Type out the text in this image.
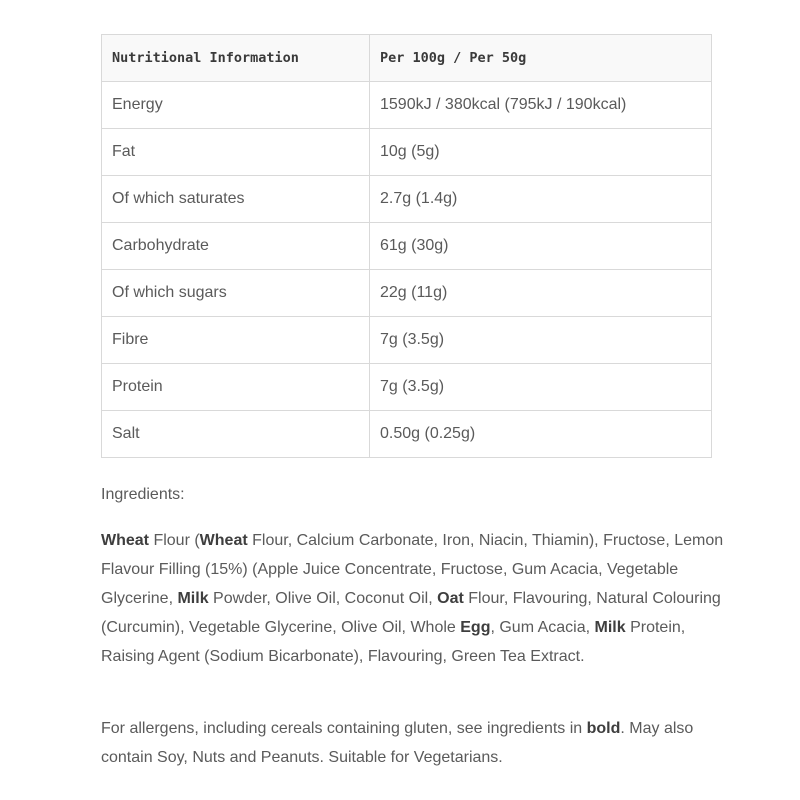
Nutritional Information	Per 100g / Per 50g
Energy	1590kJ / 380kcal (795kJ / 190kcal)
Fat	10g (5g)
Of which saturates	2.7g (1.4g)
Carbohydrate	61g (30g)
Of which sugars	22g (11g)
Fibre	7g (3.5g)
Protein	7g (3.5g)
Salt	0.50g (0.25g)
Ingredients:

Wheat Flour (Wheat Flour, Calcium Carbonate, Iron, Niacin, Thiamin), Fructose, Lemon Flavour Filling (15%) (Apple Juice Concentrate, Fructose, Gum Acacia, Vegetable Glycerine, Milk Powder, Olive Oil, Coconut Oil, Oat Flour, Flavouring, Natural Colouring (Curcumin), Vegetable Glycerine, Olive Oil, Whole Egg, Gum Acacia, Milk Protein, Raising Agent (Sodium Bicarbonate), Flavouring, Green Tea Extract.

For allergens, including cereals containing gluten, see ingredients in bold. May also contain Soy, Nuts and Peanuts. Suitable for Vegetarians.
